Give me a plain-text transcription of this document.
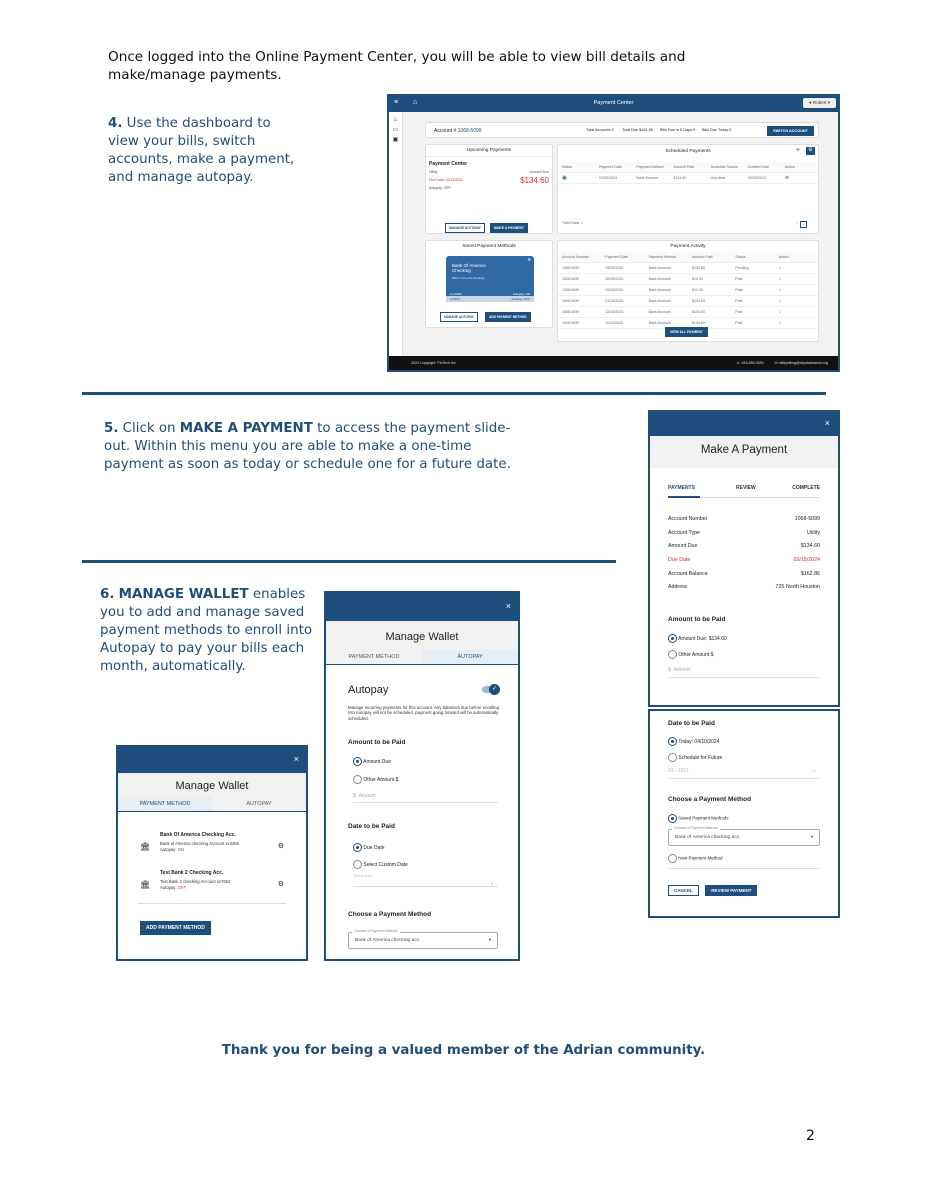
Once logged into the Online Payment Center, you will be able to view bill details and make/manage payments.
4. Use the dashboard to view your bills, switch accounts, make a payment, and manage autopay.
≡ ⌂	Payment Center	● Robert ▾
⌂
▭
▣
Account # 1068-5099	Total Accounts 2 Total Due $162.86 Bills Due in 5 Days 0 Bills Due Today 0	SWITCH ACCOUNT
Upcoming Payments
Payment Center
Utility	Amount Due
Due Date: 03/15/2024	$134.60
Autopay: OFF
MANAGE AUTOPAY	MAKE A PAYMENT
Scheduled Payments	+	⚙
Status	Payment Date	Payment Method	Amount Paid	Schedule Source	Created Date	Action
▣	03/05/2024	Bank Account	$134.60	One-time	03/05/2024	⊗
Total Rows: 1	‹	›
Saved Payment Methods
Bank Of America Checking
Bank of America checking
⚙
⊟ x3456	Autopay: ON
xx7654	Autopay: OFF
MANAGE AUTOPAY	ADD PAYMENT METHOD
Payment Activity
Account Number	Payment Date	Payment Method	Amount Paid	Status	Action
1068-5099	03/05/2024	Bank Account	$134.60	Pending	⇩
1068-5099	02/05/2024	Bank Account	$10.91	Paid	⇩
1068-5099	02/04/2024	Bank Account	$12.40	Paid	⇩
1068-5099	01/15/2024	Bank Account	$134.60	Paid	⇩
1068-5099	12/15/2023	Bank Account	$134.60	Paid	⇩
1068-5099	11/15/2023	Bank Account	$134.60	Paid	⇩
VIEW ALL PAYMENT
2024 Copyright: FinTech Inc.	☏ 616-890-9091	✉ utilitybilling@cityofadrianmi.org
5. Click on MAKE A PAYMENT to access the payment slide-out. Within this menu you are able to make a one-time payment as soon as today or schedule one for a future date.
6. MANAGE WALLET enables you to add and manage saved payment methods to enroll into Autopay to pay your bills each month, automatically.
×
Make A Payment
PAYMENTS	REVIEW	COMPLETE
Account Number	1068-5099
Account Type	Utility
Amount Due	$134.60
Due Date	03/15/2024
Account Balance	$162.86
Address	725 North Houston
Amount to be Paid
Amount Due: $134.60
Other Amount $
$  Amount
Date to be Paid
Today: 04/10/2024
Schedule for Future
03 / 2021	▭
Choose a Payment Method
Saved Payment Methods
Choose a Payment Method
Bank of America checking acc.	▼
New Payment Method
CANCEL	REVIEW PAYMENT
×
Manage Wallet
PAYMENT METHOD	AUTOPAY
Autopay	✓
Manage recurring payments for this account. Any balances due before enrolling into Autopay will not be scheduled, payment going forward will be automatically scheduled.
Amount to be Paid
Amount Due
Other Amount $
$  Amount
Date to be Paid
Due Date
Select Custom Date
Select Date
▼
Choose a Payment Method
Choose a Payment Method
Bank of America checking acc.	▼
×
Manage Wallet
PAYMENT METHOD	AUTOPAY
🏛
Bank Of America Checking Acc.
Bank of America checking Account xx3456
Autopay: ON	⚙
🏛
Test Bank 2 Checking Acc.
Test Bank 2 checking Account xx7654
Autopay: OFF	⚙
ADD PAYMENT METHOD
Thank you for being a valued member of the Adrian community.
2
